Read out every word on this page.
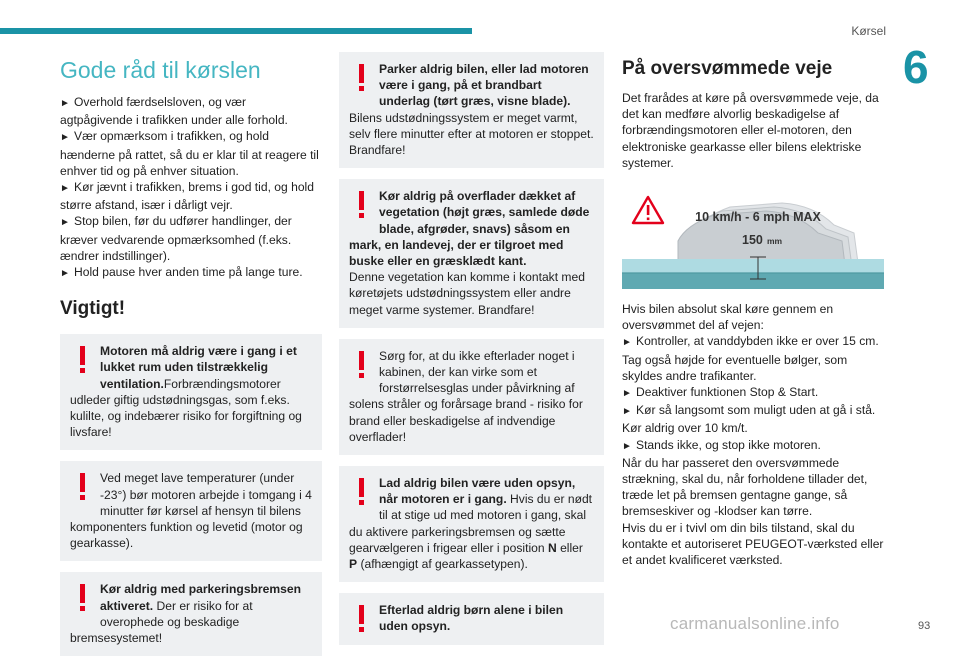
Kørsel
6
Gode råd til kørslen
► Overhold færdselsloven, og vær agtpågivende i trafikken under alle forhold.
► Vær opmærksom i trafikken, og hold hænderne på rattet, så du er klar til at reagere til enhver tid og på enhver situation.
► Kør jævnt i trafikken, brems i god tid, og hold større afstand, især i dårligt vejr.
► Stop bilen, før du udfører handlinger, der kræver vedvarende opmærksomhed (f.eks. ændrer indstillinger).
► Hold pause hver anden time på lange ture.
Vigtigt!
Motoren må aldrig være i gang i et lukket rum uden tilstrækkelig ventilation.Forbrændingsmotorer udleder giftig udstødningsgas, som f.eks. kulilte, og indebærer risiko for forgiftning og livsfare!
Ved meget lave temperaturer (under -23°) bør motoren arbejde i tomgang i 4 minutter før kørsel af hensyn til bilens komponenters funktion og levetid (motor og gearkasse).
Kør aldrig med parkeringsbremsen aktiveret. Der er risiko for at overophede og beskadige bremsesystemet!
Parker aldrig bilen, eller lad motoren være i gang, på et brandbart underlag (tørt græs, visne blade). Bilens udstødningssystem er meget varmt, selv flere minutter efter at motoren er stoppet. Brandfare!
Kør aldrig på overflader dækket af vegetation (højt græs, samlede døde blade, afgrøder, snavs) såsom en mark, en landevej, der er tilgroet med buske eller en græsklædt kant.
Denne vegetation kan komme i kontakt med køretøjets udstødningssystem eller andre meget varme systemer. Brandfare!
Sørg for, at du ikke efterlader noget i kabinen, der kan virke som et forstørrelsesglas under påvirkning af solens stråler og forårsage brand - risiko for brand eller beskadigelse af indvendige overflader!
Lad aldrig bilen være uden opsyn, når motoren er i gang. Hvis du er nødt til at stige ud med motoren i gang, skal du aktivere parkeringsbremsen og sætte gearvælgeren i frigear eller i position N eller P (afhængigt af gearkassetypen).
Efterlad aldrig børn alene i bilen uden opsyn.
På oversvømmede veje
Det frarådes at køre på oversvømmede veje, da det kan medføre alvorlig beskadigelse af forbrændingsmotoren eller el-motoren, den elektroniske gearkasse eller bilens elektriske systemer.
10 km/h - 6 mph MAX
150 mm
Hvis bilen absolut skal køre gennem en oversvømmet del af vejen:
► Kontroller, at vanddybden ikke er over 15 cm. Tag også højde for eventuelle bølger, som skyldes andre trafikanter.
► Deaktiver funktionen Stop & Start.
► Kør så langsomt som muligt uden at gå i stå. Kør aldrig over 10 km/t.
► Stands ikke, og stop ikke motoren.
Når du har passeret den oversvømmede strækning, skal du, når forholdene tillader det, træde let på bremsen gentagne gange, så bremseskiver og -klodser kan tørre.
Hvis du er i tvivl om din bils tilstand, skal du kontakte et autoriseret PEUGEOT-værksted eller et andet kvalificeret værksted.
carmanualsonline.info	93
